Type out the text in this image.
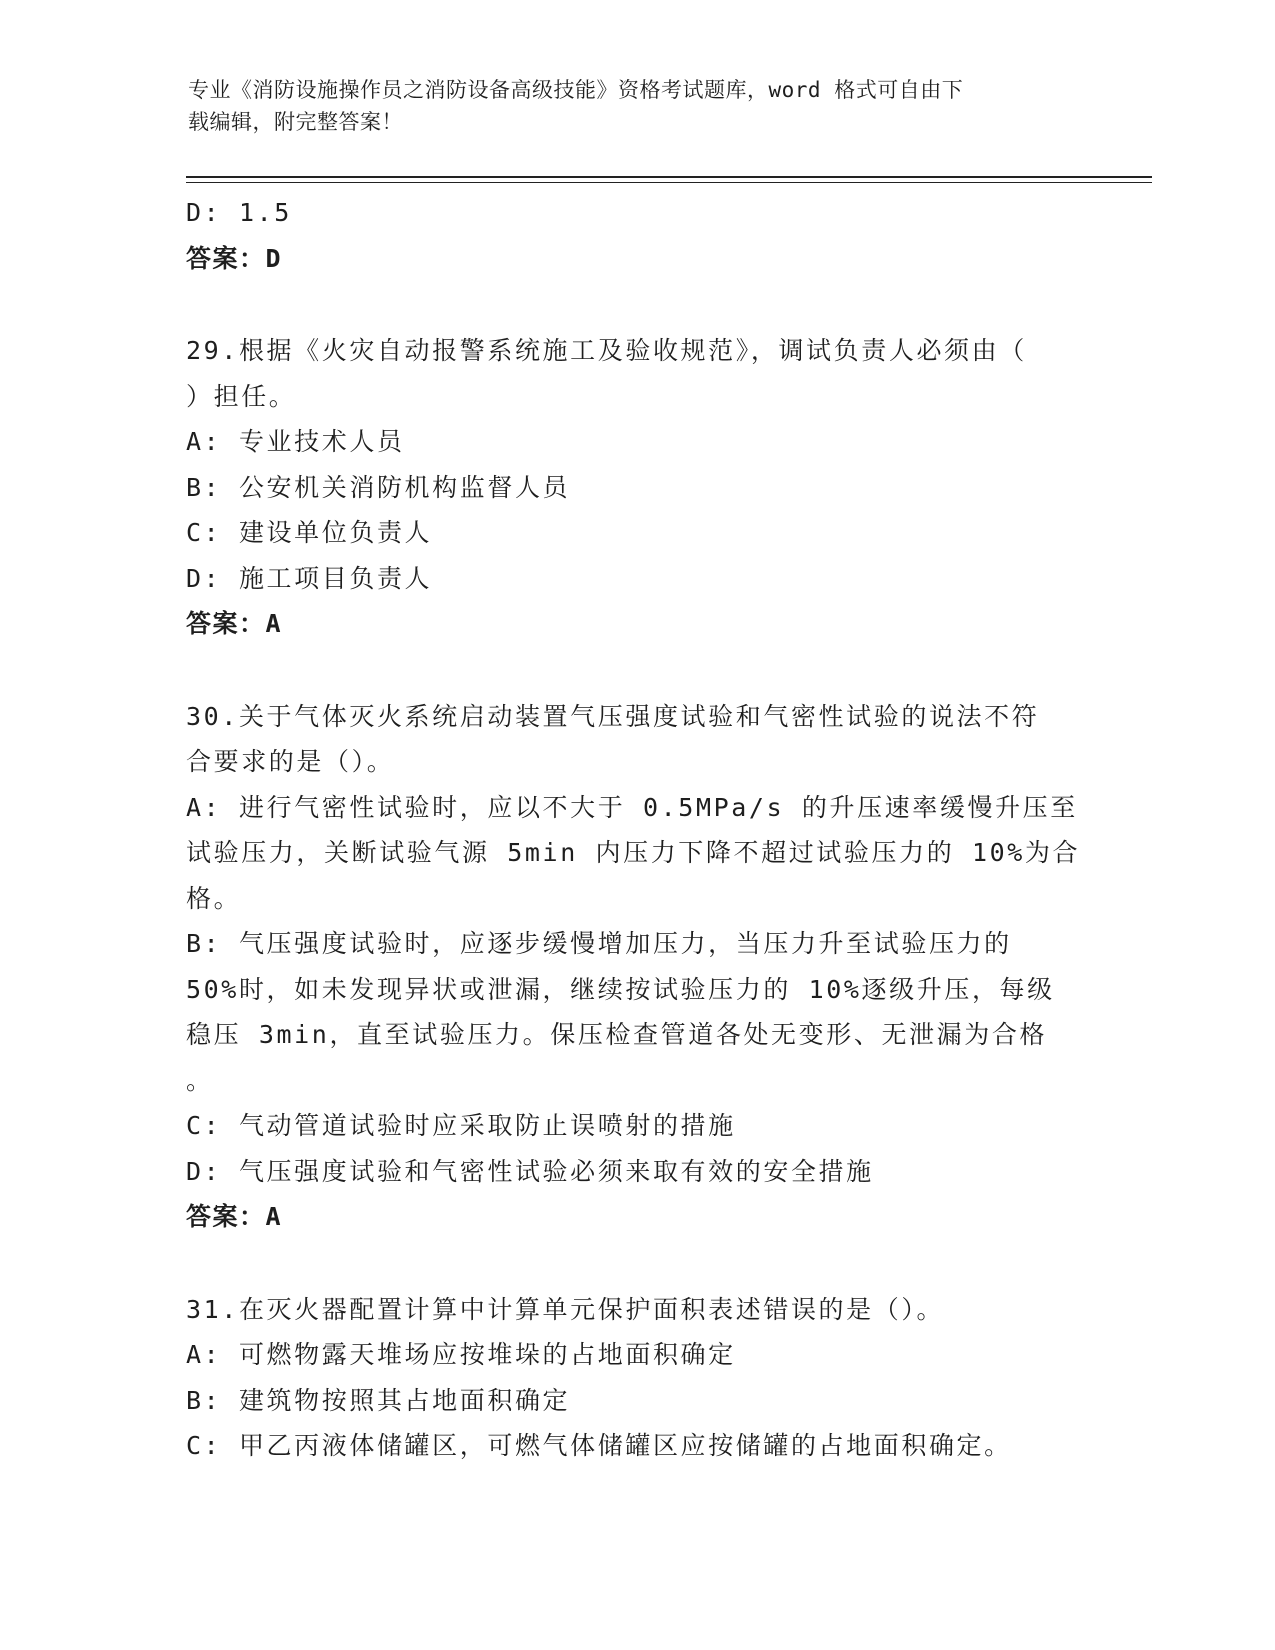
专业《消防设施操作员之消防设备高级技能》资格考试题库，word 格式可自由下
载编辑，附完整答案！
D: 1.5
答案：D
29.根据《火灾自动报警系统施工及验收规范》，调试负责人必须由（
）担任。
A: 专业技术人员
B: 公安机关消防机构监督人员
C: 建设单位负责人
D: 施工项目负责人
答案：A
30.关于气体灭火系统启动装置气压强度试验和气密性试验的说法不符
合要求的是（）。
A: 进行气密性试验时，应以不大于 0.5MPa/s 的升压速率缓慢升压至
试验压力，关断试验气源 5min 内压力下降不超过试验压力的 10%为合
格。
B: 气压强度试验时，应逐步缓慢增加压力，当压力升至试验压力的
50%时，如未发现异状或泄漏，继续按试验压力的 10%逐级升压，每级
稳压 3min，直至试验压力。保压检查管道各处无变形、无泄漏为合格
。
C: 气动管道试验时应采取防止误喷射的措施
D: 气压强度试验和气密性试验必须来取有效的安全措施
答案：A
31.在灭火器配置计算中计算单元保护面积表述错误的是（）。
A: 可燃物露天堆场应按堆垛的占地面积确定
B: 建筑物按照其占地面积确定
C: 甲乙丙液体储罐区，可燃气体储罐区应按储罐的占地面积确定。
